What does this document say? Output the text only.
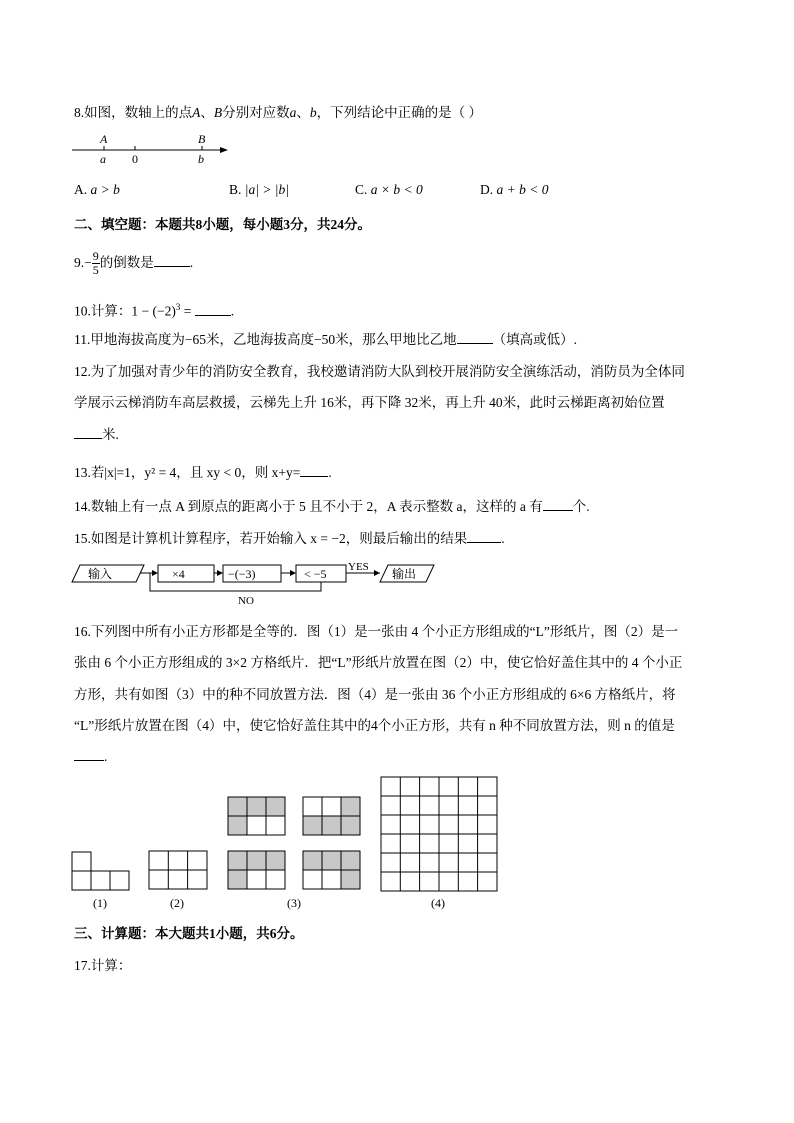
8.如图，数轴上的点A、B分别对应数a、b，下列结论中正确的是（ ）
A	B
a 0	b
A. a > b	B. |a| > |b|	C. a × b < 0	D. a + b < 0
二、填空题：本题共8小题，每小题3分，共24分。
$9.- \frac{9}{5}$ 的倒数是	.
10.计算：$1 - (-2)^3$ =	.
11.甲地海拔高度为−65米，乙地海拔高度−50米，那么甲地比乙地	（填高或低）.
12.为了加强对青少年的消防安全教育，我校邀请消防大队到校开展消防安全演练活动，消防员为全体同
学展示云梯消防车高层救援，云梯先上升 16米，再下降 32米，再上升 40米，此时云梯距离初始位置
米.
13.若|x|=1，y² = 4，且 xy < 0，则 x+y= .
14.数轴上有一点 A 到原点的距离小于 5 且不小于 2，A 表示整数 a，这样的 a 有 个.
15.如图是计算机计算程序，若开始输入 x = −2，则最后输出的结果	.
输入	×4	−(−3)	< −5 YES 输出
NO
16.下列图中所有小正方形都是全等的．图（1）是一张由 4 个小正方形组成的“L”形纸片，图（2）是一
张由 6 个小正方形组成的 3×2 方格纸片．把“L”形纸片放置在图（2）中，使它恰好盖住其中的 4 个小正
方形，共有如图（3）中的种不同放置方法．图（4）是一张由 36 个小正方形组成的 6×6 方格纸片，将
“L”形纸片放置在图（4）中，使它恰好盖住其中的4个小正方形，共有 n 种不同放置方法，则 n 的值是
.
(1)	(2)	(3)	(4)
三、计算题：本大题共1小题，共6分。
17.计算：
